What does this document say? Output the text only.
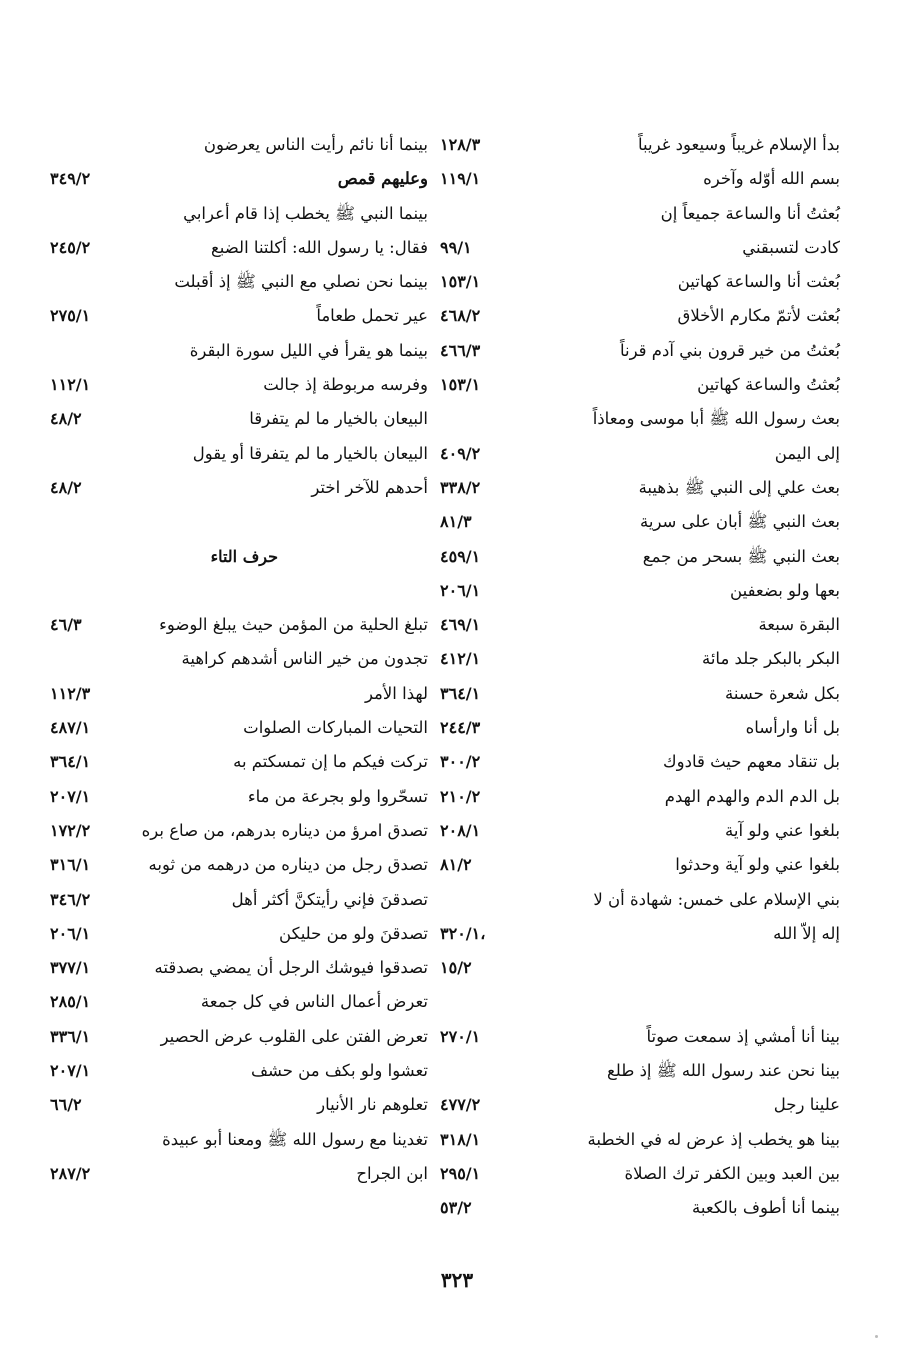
بدأ الإسلام غريباً وسيعود غريباً
١٢٨/٣
بسم الله أوّله وآخره
١١٩/١
بُعثتُ أنا والساعة جميعاً إن
كادت لتسبقني
٩٩/١
بُعثت أنا والساعة كهاتين
١٥٣/١
بُعثت لأتمّ مكارم الأخلاق
٤٦٨/٢
بُعثتُ من خير قرون بني آدم قرناً
٤٦٦/٣
بُعثتُ والساعة كهاتين
١٥٣/١
بعث رسول الله ﷺ أبا موسى ومعاذاً
إلى اليمن
٤٠٩/٢
بعث علي إلى النبي ﷺ بذهيبة
٣٣٨/٢
بعث النبي ﷺ أبان على سرية
٨١/٣
بعث النبي ﷺ بسحر من جمع
٤٥٩/١
بعها ولو بضعفين
٢٠٦/١
البقرة سبعة
٤٦٩/١
البكر بالبكر جلد مائة
٤١٢/١
بكل شعرة حسنة
٣٦٤/١
بل أنا وارأساه
٢٤٤/٣
بل تنقاد معهم حيث قادوك
٣٠٠/٢
بل الدم الدم والهدم الهدم
٢١٠/٢
بلغوا عني ولو آية
٢٠٨/١
بلغوا عني ولو آية وحدثوا
٨١/٢
بني الإسلام على خمس: شهادة أن لا
إله إلاّ الله
٣٢٠/١،
١٥/٢
بينا أنا أمشي إذ سمعت صوتاً
٢٧٠/١
بينا نحن عند رسول الله ﷺ إذ طلع
علينا رجل
٤٧٧/٢
بينا هو يخطب إذ عرض له في الخطبة
٣١٨/١
بين العبد وبين الكفر ترك الصلاة
٢٩٥/١
بينما أنا أطوف بالكعبة
٥٣/٢
بينما أنا نائم رأيت الناس يعرضون
وعليهم قمص
٣٤٩/٢
بينما النبي ﷺ يخطب إذا قام أعرابي
فقال: يا رسول الله: أكلتنا الضبع
٢٤٥/٢
بينما نحن نصلي مع النبي ﷺ إذ أقبلت
عير تحمل طعاماً
٢٧٥/١
بينما هو يقرأ في الليل سورة البقرة
وفرسه مربوطة إذ جالت
١١٢/١
البيعان بالخيار ما لم يتفرقا
٤٨/٢
البيعان بالخيار ما لم يتفرقا أو يقول
أحدهم للآخر اختر
٤٨/٢
حرف التاء
تبلغ الحلية من المؤمن حيث يبلغ الوضوء
٤٦/٣
تجدون من خير الناس أشدهم كراهية
لهذا الأمر
١١٢/٣
التحيات المباركات الصلوات
٤٨٧/١
تركت فيكم ما إن تمسكتم به
٣٦٤/١
تسحّروا ولو بجرعة من ماء
٢٠٧/١
تصدق امرؤ من ديناره بدرهم، من صاع بره
١٧٢/٢
تصدق رجل من ديناره من درهمه من ثوبه
٣١٦/١
تصدقنَ فإني رأيتكنَّ أكثر أهل
٣٤٦/٢
تصدقنَ ولو من حليكن
٢٠٦/١
تصدقوا فيوشك الرجل أن يمضي بصدقته
٣٧٧/١
تعرض أعمال الناس في كل جمعة
٢٨٥/١
تعرض الفتن على القلوب عرض الحصير
٣٣٦/١
تعشوا ولو بكف من حشف
٢٠٧/١
تعلوهم نار الأنيار
٦٦/٢
تغدينا مع رسول الله ﷺ ومعنا أبو عبيدة
ابن الجراح
٢٨٧/٢
٣٢٣
